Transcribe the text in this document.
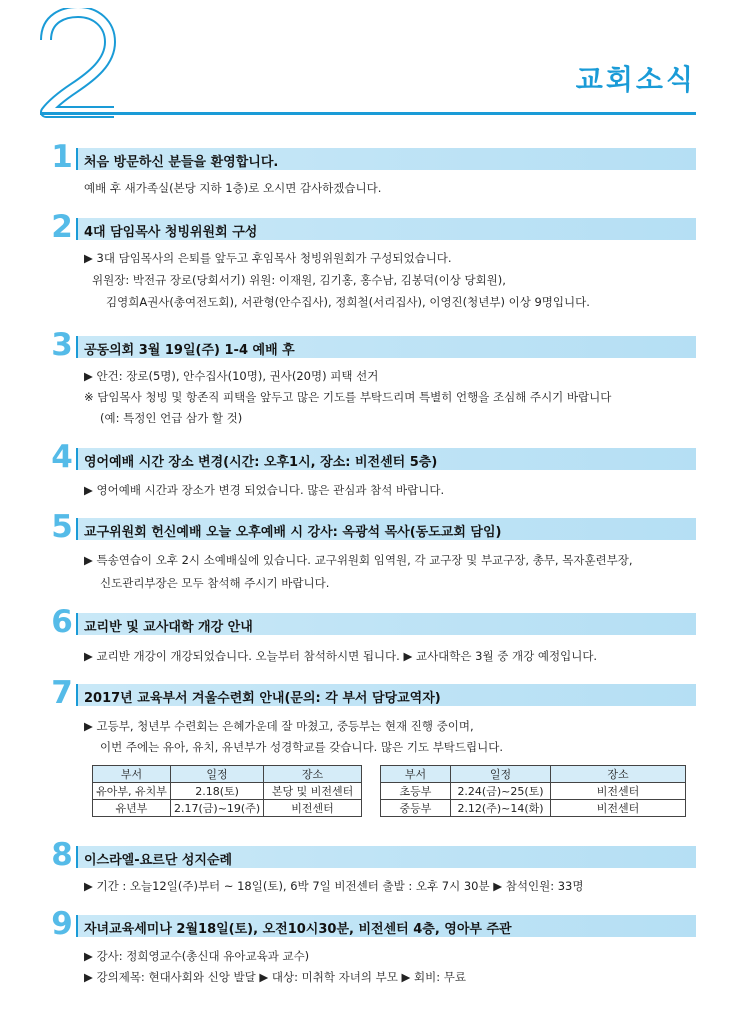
2
교회소식
1 처음 방문하신 분들을 환영합니다.
예배 후 새가족실(본당 지하 1층)로 오시면 감사하겠습니다.
2 4대 담임목사 청빙위원회 구성
▶ 3대 담임목사의 은퇴를 앞두고 후임목사 청빙위원회가 구성되었습니다.
위원장: 박전규 장로(당회서기) 위원: 이재원, 김기홍, 홍수남, 김봉덕(이상 당회원),
김영희A권사(총여전도회), 서관형(안수집사), 정희철(서리집사), 이영진(청년부) 이상 9명입니다.
3 공동의회 3월 19일(주) 1-4 예배 후
▶ 안건: 장로(5명), 안수집사(10명), 권사(20명) 피택 선거
※ 담임목사 청빙 및 항존직 피택을 앞두고 많은 기도를 부탁드리며 특별히 언행을 조심해 주시기 바랍니다
(예: 특정인 언급 삼가 할 것)
4 영어예배 시간 장소 변경(시간: 오후1시, 장소: 비전센터 5층)
▶ 영어예배 시간과 장소가 변경 되었습니다. 많은 관심과 참석 바랍니다.
5 교구위원회 헌신예배 오늘 오후예배 시 강사: 옥광석 목사(동도교회 담임)
▶ 특송연습이 오후 2시 소예배실에 있습니다. 교구위원회 임역원, 각 교구장 및 부교구장, 총무, 목자훈련부장,
신도관리부장은 모두 참석해 주시기 바랍니다.
6 교리반 및 교사대학 개강 안내
▶ 교리반 개강이 개강되었습니다. 오늘부터 참석하시면 됩니다. ▶ 교사대학은 3월 중 개강 예정입니다.
7 2017년 교육부서 겨울수련회 안내(문의: 각 부서 담당교역자)
▶ 고등부, 청년부 수련회는 은혜가운데 잘 마쳤고, 중등부는 현재 진행 중이며,
이번 주에는 유아, 유치, 유년부가 성경학교를 갖습니다. 많은 기도 부탁드립니다.
부서	일정	장소
유아부, 유치부	2.18(토)	본당 및 비전센터
유년부	2.17(금)~19(주)	비전센터
부서	일정	장소
초등부	2.24(금)~25(토)	비전센터
중등부	2.12(주)~14(화)	비전센터
8 이스라엘-요르단 성지순례
▶ 기간 : 오늘12일(주)부터 ~ 18일(토), 6박 7일 비전센터 출발 : 오후 7시 30분 ▶ 참석인원: 33명
9 자녀교육세미나 2월18일(토), 오전10시30분, 비전센터 4층, 영아부 주관
▶ 강사: 정희영교수(총신대 유아교육과 교수)
▶ 강의제목: 현대사회와 신앙 발달 ▶ 대상: 미취학 자녀의 부모 ▶ 회비: 무료
